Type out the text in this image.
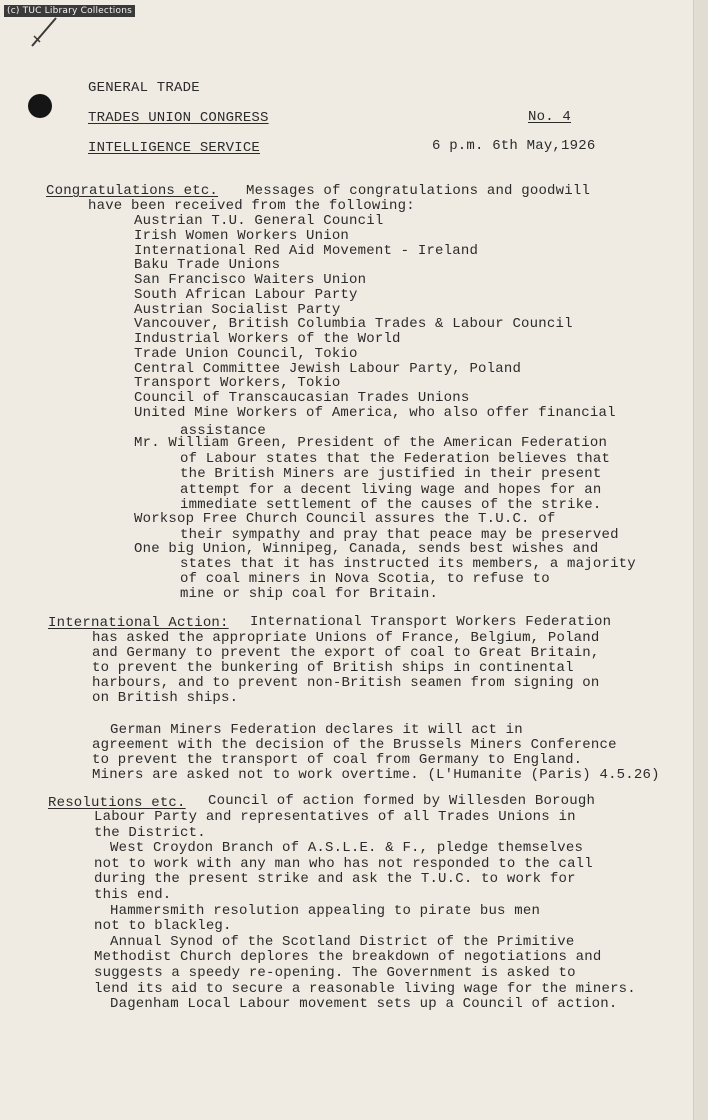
(c) TUC Library Collections
GENERAL TRADE
TRADES UNION CONGRESS	No. 4
INTELLIGENCE SERVICE	6 p.m. 6th May,1926
Congratulations etc. Messages of congratulations and goodwill
have been received from the following:
Austrian T.U. General Council
Irish Women Workers Union
International Red Aid Movement - Ireland
Baku Trade Unions
San Francisco Waiters Union
South African Labour Party
Austrian Socialist Party
Vancouver, British Columbia Trades & Labour Council
Industrial Workers of the World
Trade Union Council, Tokio
Central Committee Jewish Labour Party, Poland
Transport Workers, Tokio
Council of Transcaucasian Trades Unions
United Mine Workers of America, who also offer financial
assistance
Mr. William Green, President of the American Federation
of Labour states that the Federation believes that
the British Miners are justified in their present
attempt for a decent living wage and hopes for an
immediate settlement of the causes of the strike.
Worksop Free Church Council assures the T.U.C. of
their sympathy and pray that peace may be preserved
One big Union, Winnipeg, Canada, sends best wishes and
states that it has instructed its members, a majority
of coal miners in Nova Scotia, to refuse to
mine or ship coal for Britain.
International Action: International Transport Workers Federation
has asked the appropriate Unions of France, Belgium, Poland
and Germany to prevent the export of coal to Great Britain,
to prevent the bunkering of British ships in continental
harbours, and to prevent non-British seamen from signing on
on British ships.
German Miners Federation declares it will act in
agreement with the decision of the Brussels Miners Conference
to prevent the transport of coal from Germany to England.
Miners are asked not to work overtime. (L'Humanite (Paris) 4.5.26)
Resolutions etc. Council of action formed by Willesden Borough
Labour Party and representatives of all Trades Unions in
the District.
West Croydon Branch of A.S.L.E. & F., pledge themselves
not to work with any man who has not responded to the call
during the present strike and ask the T.U.C. to work for
this end.
Hammersmith resolution appealing to pirate bus men
not to blackleg.
Annual Synod of the Scotland District of the Primitive
Methodist Church deplores the breakdown of negotiations and
suggests a speedy re-opening. The Government is asked to
lend its aid to secure a reasonable living wage for the miners.
Dagenham Local Labour movement sets up a Council of action.
